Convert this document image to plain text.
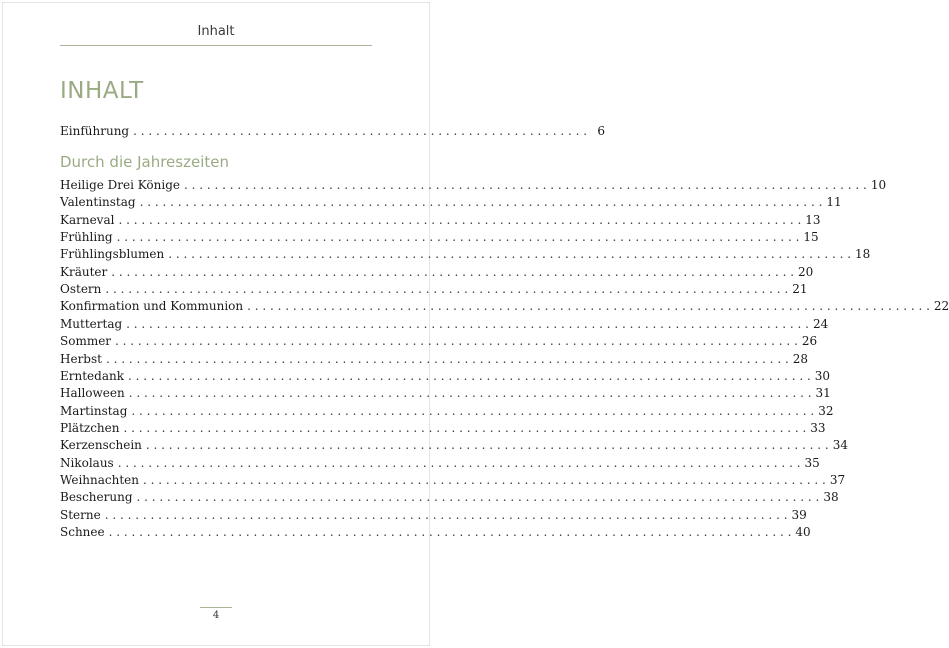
Inhalt
INHALT
Einführung . . . . . . . . . . . . . . . . . . . . . . . . . . . . . . . . . . . . . . . . . . . . . . . . . . . . . . . . . . . . 6
Durch die Jahreszeiten
Heilige Drei Könige . . . . . . . . . . . . . . . . . . . . . . . . . . . . . . . . . . . . . . . . . . . . . . . . . . . . . . . . . . . . . . . . . . . . . . . . . . . . . . . . . . . . . . . . . . 10
Valentinstag . . . . . . . . . . . . . . . . . . . . . . . . . . . . . . . . . . . . . . . . . . . . . . . . . . . . . . . . . . . . . . . . . . . . . . . . . . . . . . . . . . . . . . . . . . 11
Karneval . . . . . . . . . . . . . . . . . . . . . . . . . . . . . . . . . . . . . . . . . . . . . . . . . . . . . . . . . . . . . . . . . . . . . . . . . . . . . . . . . . . . . . . . . . 13
Frühling . . . . . . . . . . . . . . . . . . . . . . . . . . . . . . . . . . . . . . . . . . . . . . . . . . . . . . . . . . . . . . . . . . . . . . . . . . . . . . . . . . . . . . . . . . 15
Frühlingsblumen . . . . . . . . . . . . . . . . . . . . . . . . . . . . . . . . . . . . . . . . . . . . . . . . . . . . . . . . . . . . . . . . . . . . . . . . . . . . . . . . . . . . . . . . . . 18
Kräuter . . . . . . . . . . . . . . . . . . . . . . . . . . . . . . . . . . . . . . . . . . . . . . . . . . . . . . . . . . . . . . . . . . . . . . . . . . . . . . . . . . . . . . . . . . 20
Ostern . . . . . . . . . . . . . . . . . . . . . . . . . . . . . . . . . . . . . . . . . . . . . . . . . . . . . . . . . . . . . . . . . . . . . . . . . . . . . . . . . . . . . . . . . . 21
Konfirmation und Kommunion . . . . . . . . . . . . . . . . . . . . . . . . . . . . . . . . . . . . . . . . . . . . . . . . . . . . . . . . . . . . . . . . . . . . . . . . . . . . . . . . . . . . . . . . . . 22
Muttertag . . . . . . . . . . . . . . . . . . . . . . . . . . . . . . . . . . . . . . . . . . . . . . . . . . . . . . . . . . . . . . . . . . . . . . . . . . . . . . . . . . . . . . . . . . 24
Sommer . . . . . . . . . . . . . . . . . . . . . . . . . . . . . . . . . . . . . . . . . . . . . . . . . . . . . . . . . . . . . . . . . . . . . . . . . . . . . . . . . . . . . . . . . . 26
Herbst . . . . . . . . . . . . . . . . . . . . . . . . . . . . . . . . . . . . . . . . . . . . . . . . . . . . . . . . . . . . . . . . . . . . . . . . . . . . . . . . . . . . . . . . . . 28
Erntedank . . . . . . . . . . . . . . . . . . . . . . . . . . . . . . . . . . . . . . . . . . . . . . . . . . . . . . . . . . . . . . . . . . . . . . . . . . . . . . . . . . . . . . . . . . 30
Halloween . . . . . . . . . . . . . . . . . . . . . . . . . . . . . . . . . . . . . . . . . . . . . . . . . . . . . . . . . . . . . . . . . . . . . . . . . . . . . . . . . . . . . . . . . . 31
Martinstag . . . . . . . . . . . . . . . . . . . . . . . . . . . . . . . . . . . . . . . . . . . . . . . . . . . . . . . . . . . . . . . . . . . . . . . . . . . . . . . . . . . . . . . . . . 32
Plätzchen . . . . . . . . . . . . . . . . . . . . . . . . . . . . . . . . . . . . . . . . . . . . . . . . . . . . . . . . . . . . . . . . . . . . . . . . . . . . . . . . . . . . . . . . . . 33
Kerzenschein . . . . . . . . . . . . . . . . . . . . . . . . . . . . . . . . . . . . . . . . . . . . . . . . . . . . . . . . . . . . . . . . . . . . . . . . . . . . . . . . . . . . . . . . . . 34
Nikolaus . . . . . . . . . . . . . . . . . . . . . . . . . . . . . . . . . . . . . . . . . . . . . . . . . . . . . . . . . . . . . . . . . . . . . . . . . . . . . . . . . . . . . . . . . . 35
Weihnachten . . . . . . . . . . . . . . . . . . . . . . . . . . . . . . . . . . . . . . . . . . . . . . . . . . . . . . . . . . . . . . . . . . . . . . . . . . . . . . . . . . . . . . . . . . 37
Bescherung . . . . . . . . . . . . . . . . . . . . . . . . . . . . . . . . . . . . . . . . . . . . . . . . . . . . . . . . . . . . . . . . . . . . . . . . . . . . . . . . . . . . . . . . . . 38
Sterne . . . . . . . . . . . . . . . . . . . . . . . . . . . . . . . . . . . . . . . . . . . . . . . . . . . . . . . . . . . . . . . . . . . . . . . . . . . . . . . . . . . . . . . . . . 39
Schnee . . . . . . . . . . . . . . . . . . . . . . . . . . . . . . . . . . . . . . . . . . . . . . . . . . . . . . . . . . . . . . . . . . . . . . . . . . . . . . . . . . . . . . . . . . 40
4
